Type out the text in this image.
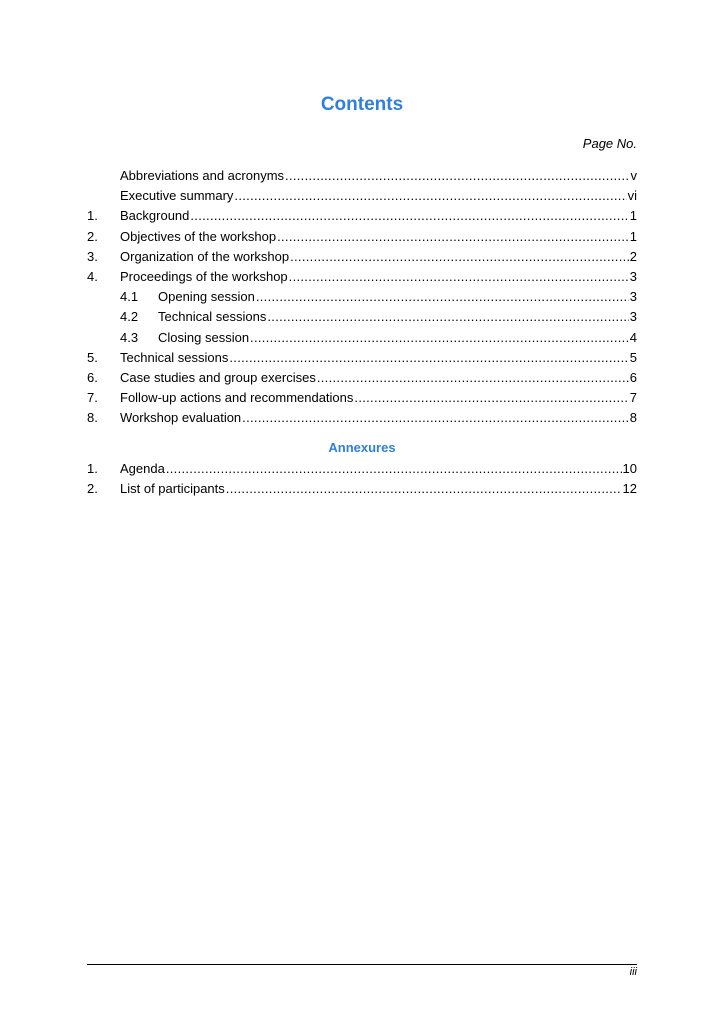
Contents
Page No.
Abbreviations and acronyms .....	v
Executive summary .....	vi
1.	Background .....	1
2.	Objectives of the workshop .....	1
3.	Organization of the workshop .....	2
4.	Proceedings of the workshop .....	3
4.1	Opening session .....	3
4.2	Technical sessions .....	3
4.3	Closing session .....	4
5.	Technical sessions .....	5
6.	Case studies and group exercises .....	6
7.	Follow-up actions and recommendations .....	7
8.	Workshop evaluation .....	8
Annexures
1.	Agenda .....	10
2.	List of participants .....	12
iii
